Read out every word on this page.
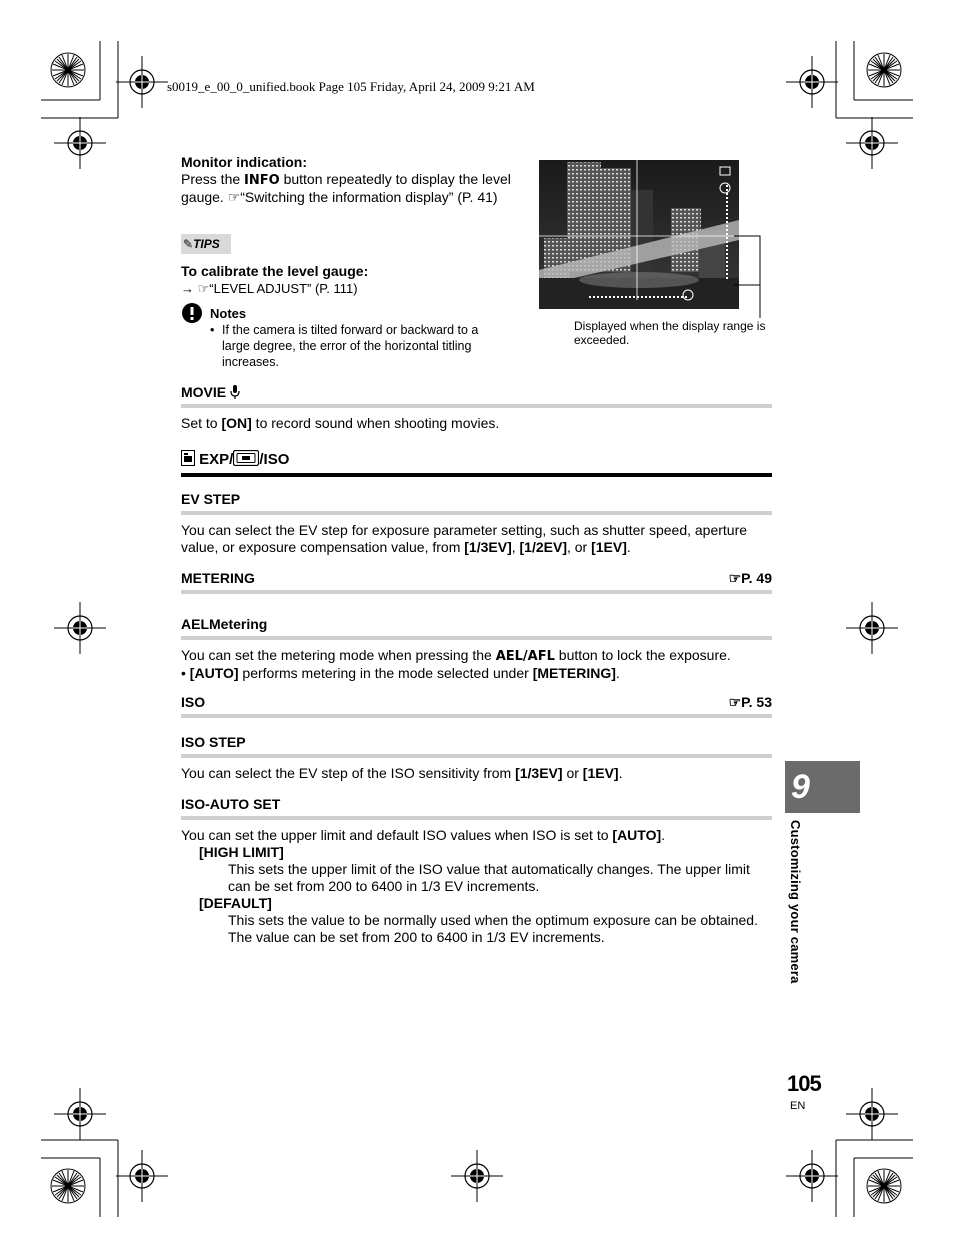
s0019_e_00_0_unified.book Page 105 Friday, April 24, 2009 9:21 AM
Monitor indication:
Press the INFO button repeatedly to display the level
gauge. ☞“Switching the information display” (P. 41)
✎TIPS
To calibrate the level gauge:
→ ☞“LEVEL ADJUST” (P. 111)
Notes
• If the camera is tilted forward or backward to a
large degree, the error of the horizontal titling
increases.
Displayed when the display range is
exceeded.
MOVIE
Set to [ON] to record sound when shooting movies.
EXP/ /ISO
EV STEP
You can select the EV step for exposure parameter setting, such as shutter speed, aperture
value, or exposure compensation value, from [1/3EV], [1/2EV], or [1EV].
METERING	☞P. 49
AELMetering
You can set the metering mode when pressing the AEL/AFL button to lock the exposure.
• [AUTO] performs metering in the mode selected under [METERING].
ISO	☞P. 53
ISO STEP
You can select the EV step of the ISO sensitivity from [1/3EV] or [1EV].
ISO-AUTO SET
You can set the upper limit and default ISO values when ISO is set to [AUTO].
[HIGH LIMIT]
This sets the upper limit of the ISO value that automatically changes. The upper limit
can be set from 200 to 6400 in 1/3 EV increments.
[DEFAULT]
This sets the value to be normally used when the optimum exposure can be obtained.
The value can be set from 200 to 6400 in 1/3 EV increments.
9
Customizing your camera
105
EN
